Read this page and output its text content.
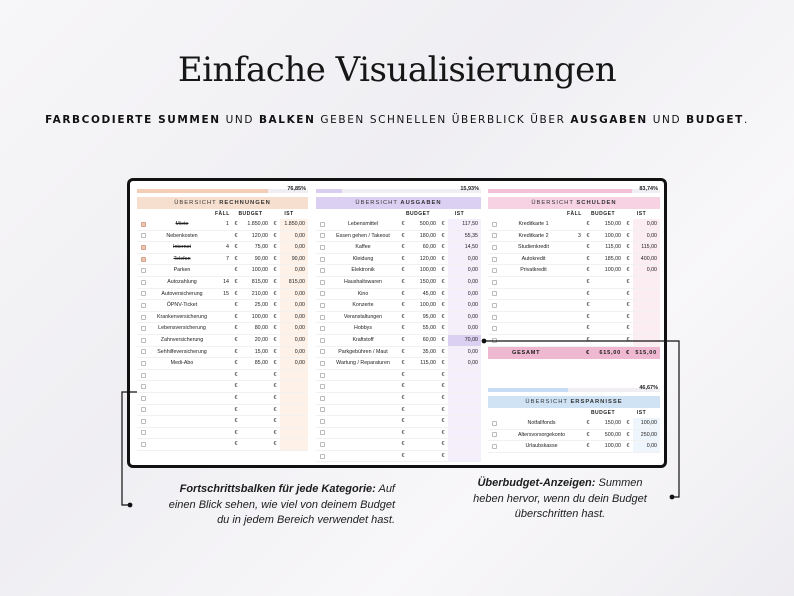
Einfache Visualisierungen
FARBCODIERTE SUMMEN UND BALKEN GEBEN SCHNELLEN ÜBERBLICK ÜBER AUSGABEN UND BUDGET.
76,85%
ÜBERSICHT RECHNUNGEN
FÄLL	BUDGET	IST
Miete	1	€	1.850,00	€	1.850,00
Nebenkosten	€	120,00	€	0,00
Internet	4	€	75,00	€	0,00
Telefon	7	€	90,00	€	90,00
Parken	€	100,00	€	0,00
Autozahlung	14	€	815,00	€	815,00
Autoversicherung	15	€	210,00	€	0,00
ÖPNV-Ticket	€	25,00	€	0,00
Krankenversicherung	€	100,00	€	0,00
Lebensversicherung	€	80,00	€	0,00
Zahnversicherung	€	20,00	€	0,00
Sehhilfeversicherung	€	15,00	€	0,00
Medi-Abo	€	85,00	€	0,00
€	€
€	€
€	€
€	€
€	€
€	€
€	€
15,93%
ÜBERSICHT AUSGABEN
BUDGET	IST
Lebensmittel	€	500,00	€	117,50
Essen gehen / Takeout	€	180,00	€	55,35
Kaffee	€	60,00	€	14,50
Kleidung	€	120,00	€	0,00
Elektronik	€	100,00	€	0,00
Haushaltswaren	€	150,00	€	0,00
Kino	€	45,00	€	0,00
Konzerte	€	100,00	€	0,00
Veranstaltungen	€	95,00	€	0,00
Hobbys	€	55,00	€	0,00
Kraftstoff	€	60,00	€	70,00
Parkgebühren / Maut	€	35,00	€	0,00
Wartung / Reparaturen	€	115,00	€	0,00
€	€
€	€
€	€
€	€
€	€
€	€
€	€
€	€
83,74%
ÜBERSICHT SCHULDEN
FÄLL	BUDGET	IST
Kreditkarte 1	€	150,00	€	0,00
Kreditkarte 2	3	€	100,00	€	0,00
Studienkredit	€	115,00	€	115,00
Autokredit	€	185,00	€	400,00
Privatkredit	€	100,00	€	0,00
€	€
€	€
€	€
€	€
€	€
€	€
GESAMT	€	615,00 € 515,00
46,67%
ÜBERSICHT ERSPARNISSE
BUDGET	IST
Notfallfonds	€	150,00	€	100,00
Altersvorsorgekonto	€	500,00	€	250,00
Urlaubskasse	€	100,00	€	0,00
Fortschrittsbalken für jede Kategorie: Auf
einen Blick sehen, wie viel von deinem Budget
du in jedem Bereich verwendet hast.
Überbudget-Anzeigen: Summen
heben hervor, wenn du dein Budget
überschritten hast.
